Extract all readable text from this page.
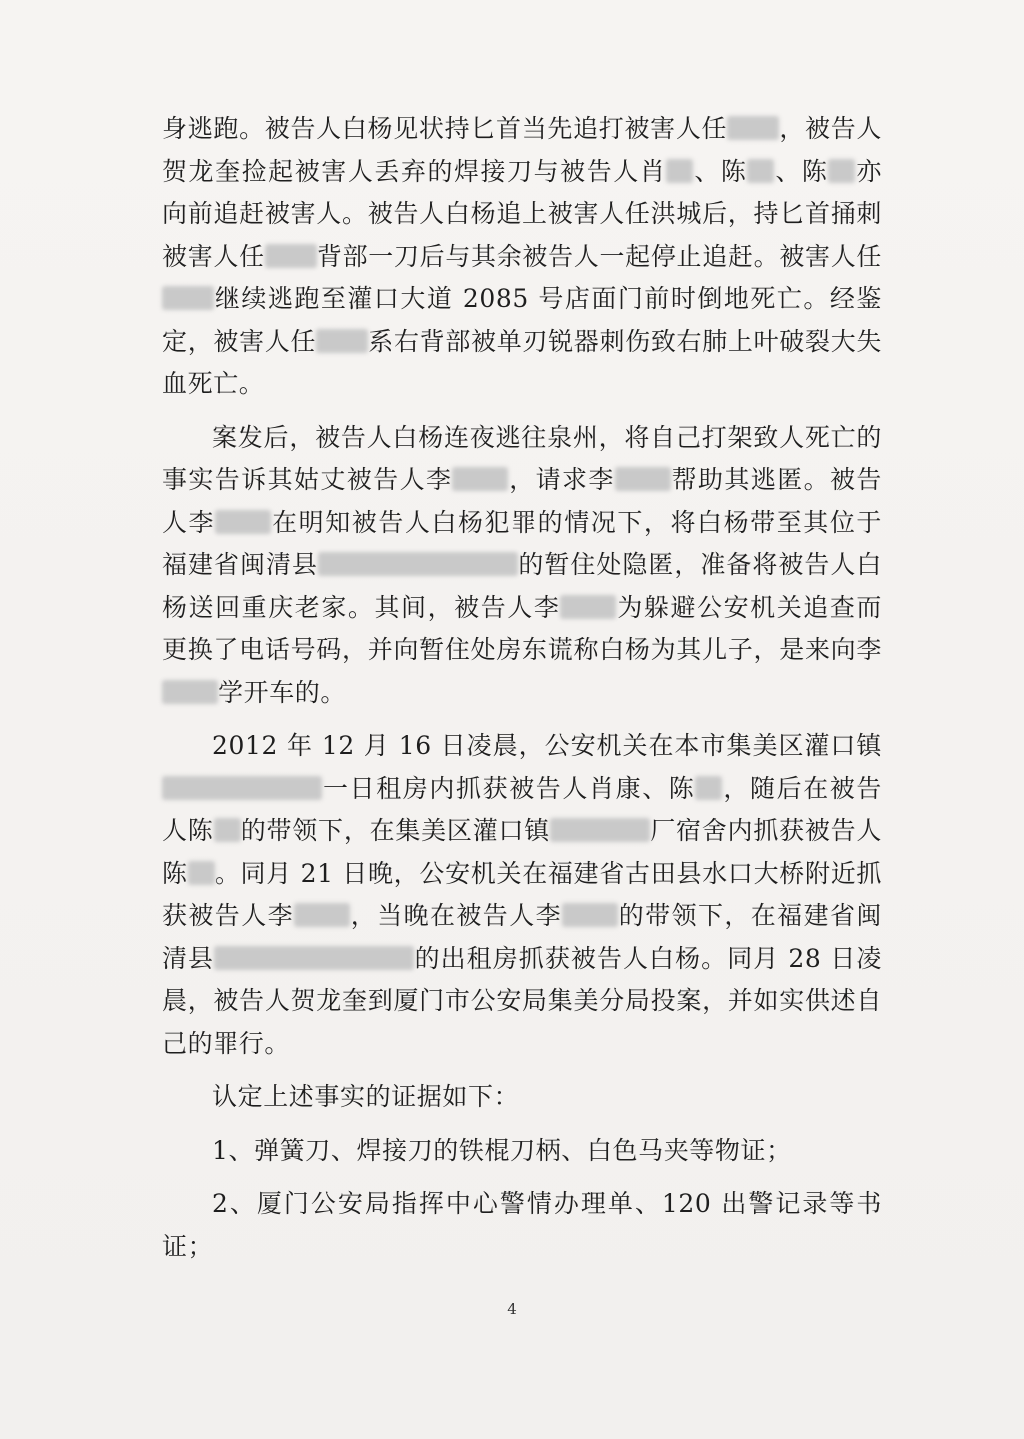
身逃跑。被告人白杨见状持匕首当先追打被害人任 ，被告人贺龙奎捡起被害人丢弃的焊接刀与被告人肖 、陈 、陈 亦向前追赶被害人。被告人白杨追上被害人任洪城后，持匕首捅刺被害人任 背部一刀后与其余被告人一起停止追赶。被害人任继续逃跑至灌口大道 2085 号店面门前时倒地死亡。经鉴定，被害人任 系右背部被单刃锐器刺伤致右肺上叶破裂大失血死亡。

案发后，被告人白杨连夜逃往泉州，将自己打架致人死亡的事实告诉其姑丈被告人李 ，请求李 帮助其逃匿。被告人李 在明知被告人白杨犯罪的情况下，将白杨带至其位于福建省闽清县	的暂住处隐匿，准备将被告人白杨送回重庆老家。其间，被告人李 为躲避公安机关追查而更换了电话号码，并向暂住处房东谎称白杨为其儿子，是来向李学开车的。

2012 年 12 月 16 日凌晨，公安机关在本市集美区灌口镇一日租房内抓获被告人肖康、陈 ，随后在被告人陈 的带领下，在集美区灌口镇	厂宿舍内抓获被告人陈 。同月 21 日晚，公安机关在福建省古田县水口大桥附近抓获被告人李 ，当晚在被告人李 的带领下，在福建省闽清县	的出租房抓获被告人白杨。同月 28 日凌晨，被告人贺龙奎到厦门市公安局集美分局投案，并如实供述自己的罪行。

认定上述事实的证据如下：

1、弹簧刀、焊接刀的铁棍刀柄、白色马夹等物证；

2、厦门公安局指挥中心警情办理单、120 出警记录等书证；

4
